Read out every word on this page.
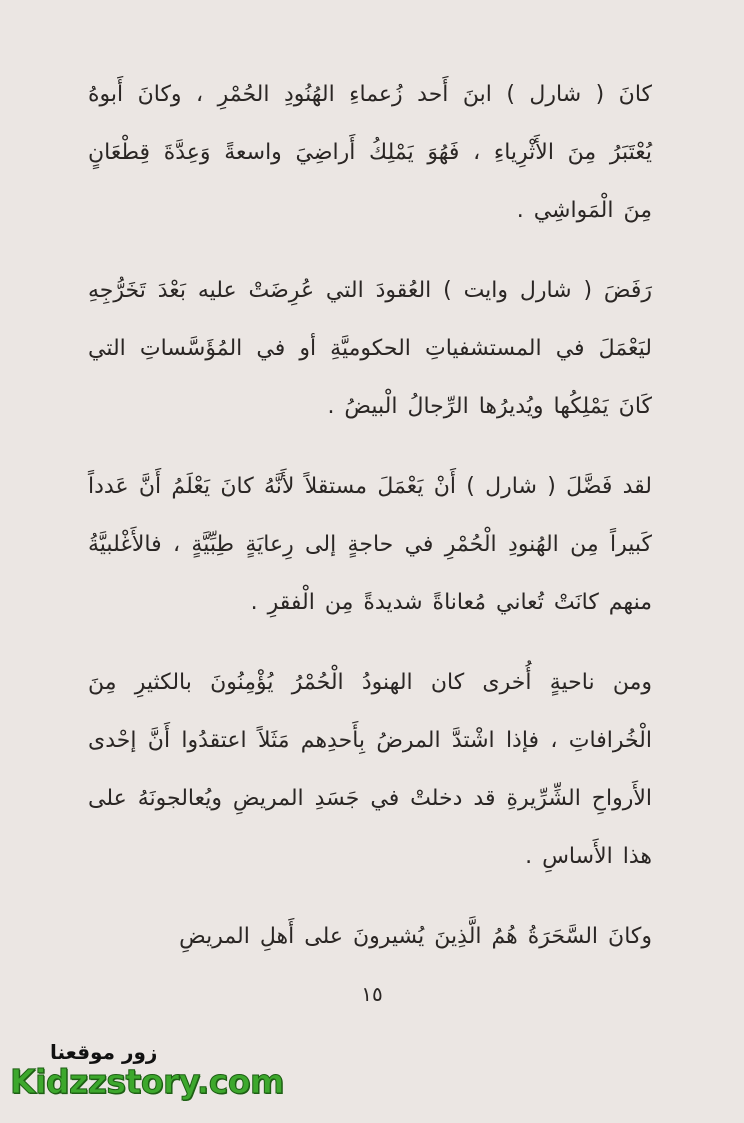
كانَ ( شارل ) ابنَ أَحد زُعماءِ الهُنُودِ الحُمْرِ ، وكانَ أَبوهُ يُعْتَبَرُ مِنَ الأَثْرِياءِ ، فَهُوَ يَمْلِكُ أَراضِيَ واسعةً وَعِدَّةَ قِطْعَانٍ مِنَ الْمَواشِي .

رَفَضَ ( شارل وايت ) العُقودَ التي عُرِضَتْ عليه بَعْدَ تَخَرُّجِهِ ليَعْمَلَ في المستشفياتِ الحكوميَّةِ أو في المُؤَسَّساتِ التي كَانَ يَمْلِكُها ويُديرُها الرِّجالُ الْبيضُ .

لقد فَضَّلَ ( شارل ) أَنْ يَعْمَلَ مستقلاً لأَنَّهُ كانَ يَعْلَمُ أَنَّ عَدداً كَبيراً مِن الهُنودِ الْحُمْرِ في حاجةٍ إلى رِعايَةٍ طِبِّيَّةٍ ، فالأَغْلبيَّةُ منهم كانَتْ تُعاني مُعاناةً شديدةً مِن الْفقرِ .

ومن ناحيةٍ أُخرى كان الهنودُ الْحُمْرُ يُؤْمِنُونَ بالكثيرِ مِنَ الْخُرافاتِ ، فإذا اشْتدَّ المرضُ بِأَحدِهم مَثَلاً اعتقدُوا أَنَّ إحْدى الأَرواحِ الشِّرِّيرةِ قد دخلتْ في جَسَدِ المريضِ ويُعالجونَهُ على هذا الأَساسِ .

وكانَ السَّحَرَةُ هُمُ الَّذِينَ يُشيرونَ على أَهلِ المريضِ

١٥
زور موقعنا
Kidzzstory.com
